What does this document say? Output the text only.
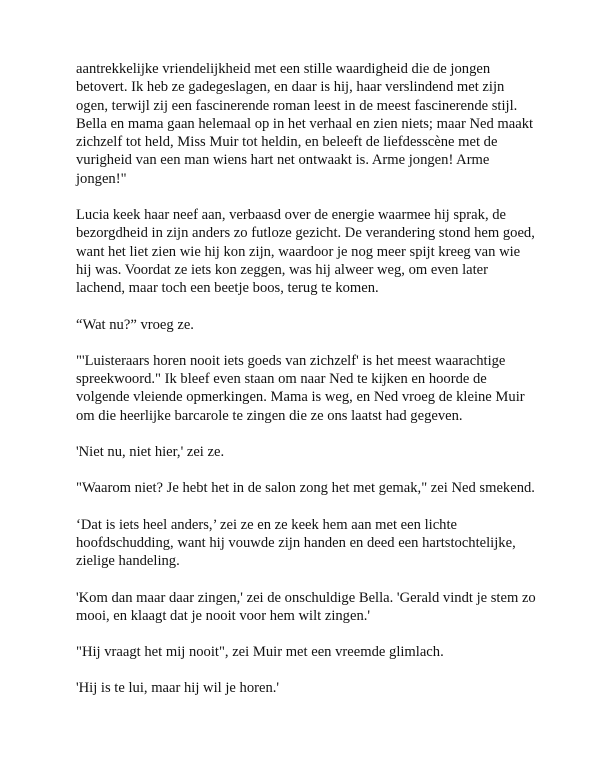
aantrekkelijke vriendelijkheid met een stille waardigheid die de jongen betovert. Ik heb ze gadegeslagen, en daar is hij, haar verslindend met zijn ogen, terwijl zij een fascinerende roman leest in de meest fascinerende stijl. Bella en mama gaan helemaal op in het verhaal en zien niets; maar Ned maakt zichzelf tot held, Miss Muir tot heldin, en beleeft de liefdesscène met de vurigheid van een man wiens hart net ontwaakt is. Arme jongen! Arme jongen!"

Lucia keek haar neef aan, verbaasd over de energie waarmee hij sprak, de bezorgdheid in zijn anders zo futloze gezicht. De verandering stond hem goed, want het liet zien wie hij kon zijn, waardoor je nog meer spijt kreeg van wie hij was. Voordat ze iets kon zeggen, was hij alweer weg, om even later lachend, maar toch een beetje boos, terug te komen.

“Wat nu?” vroeg ze.

"'Luisteraars horen nooit iets goeds van zichzelf' is het meest waarachtige spreekwoord." Ik bleef even staan om naar Ned te kijken en hoorde de volgende vleiende opmerkingen. Mama is weg, en Ned vroeg de kleine Muir om die heerlijke barcarole te zingen die ze ons laatst had gegeven.

'Niet nu, niet hier,' zei ze.

"Waarom niet? Je hebt het in de salon zong het met gemak," zei Ned smekend.

‘Dat is iets heel anders,’ zei ze en ze keek hem aan met een lichte hoofdschudding, want hij vouwde zijn handen en deed een hartstochtelijke, zielige handeling.

'Kom dan maar daar zingen,' zei de onschuldige Bella. 'Gerald vindt je stem zo mooi, en klaagt dat je nooit voor hem wilt zingen.'

"Hij vraagt het mij nooit", zei Muir met een vreemde glimlach.

'Hij is te lui, maar hij wil je horen.'
